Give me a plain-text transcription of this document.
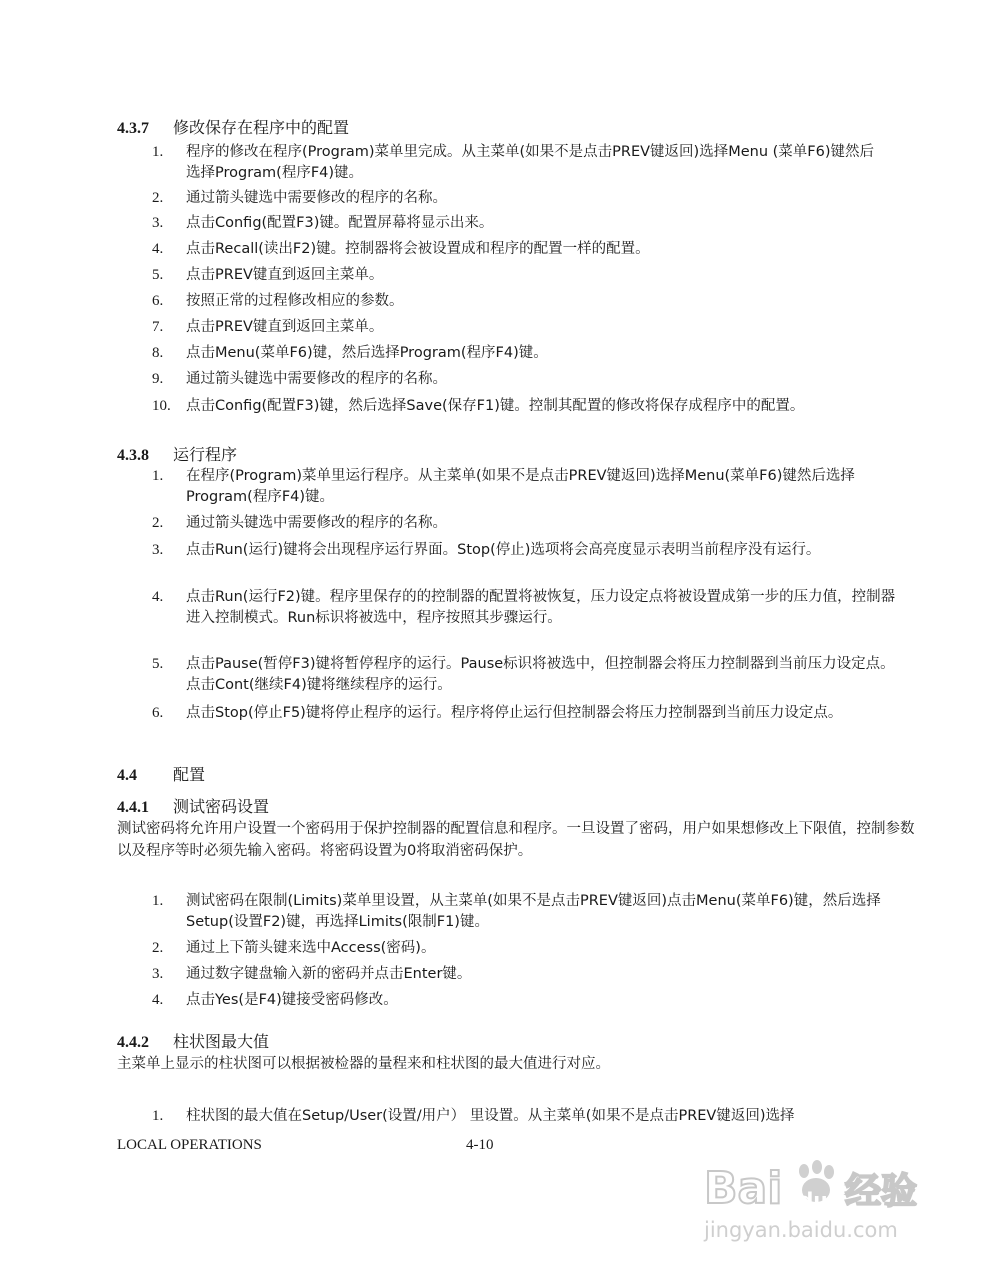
4.3.7 修改保存在程序中的配置
1. 程序的修改在程序(Program)菜单里完成。从主菜单(如果不是点击PREV键返回)选择Menu (菜单F6)键然后选择Program(程序F4)键。
2. 通过箭头键选中需要修改的程序的名称。
3. 点击Config(配置F3)键。配置屏幕将显示出来。
4. 点击Recall(读出F2)键。控制器将会被设置成和程序的配置一样的配置。
5. 点击PREV键直到返回主菜单。
6. 按照正常的过程修改相应的参数。
7. 点击PREV键直到返回主菜单。
8. 点击Menu(菜单F6)键，然后选择Program(程序F4)键。
9. 通过箭头键选中需要修改的程序的名称。
10. 点击Config(配置F3)键，然后选择Save(保存F1)键。控制其配置的修改将保存成程序中的配置。
4.3.8 运行程序
1. 在程序(Program)菜单里运行程序。从主菜单(如果不是点击PREV键返回)选择Menu(菜单F6)键然后选择Program(程序F4)键。
2. 通过箭头键选中需要修改的程序的名称。
3. 点击Run(运行)键将会出现程序运行界面。Stop(停止)选项将会高亮度显示表明当前程序没有运行。
4. 点击Run(运行F2)键。程序里保存的的控制器的配置将被恢复，压力设定点将被设置成第一步的压力值，控制器进入控制模式。Run标识将被选中，程序按照其步骤运行。
5. 点击Pause(暂停F3)键将暂停程序的运行。Pause标识将被选中，但控制器会将压力控制器到当前压力设定点。点击Cont(继续F4)键将继续程序的运行。
6. 点击Stop(停止F5)键将停止程序的运行。程序将停止运行但控制器会将压力控制器到当前压力设定点。
4.4 配置
4.4.1 测试密码设置
测试密码将允许用户设置一个密码用于保护控制器的配置信息和程序。一旦设置了密码，用户如果想修改上下限值，控制参数以及程序等时必须先输入密码。将密码设置为0将取消密码保护。
1. 测试密码在限制(Limits)菜单里设置，从主菜单(如果不是点击PREV键返回)点击Menu(菜单F6)键，然后选择Setup(设置F2)键，再选择Limits(限制F1)键。
2. 通过上下箭头键来选中Access(密码)。
3. 通过数字键盘输入新的密码并点击Enter键。
4. 点击Yes(是F4)键接受密码修改。
4.4.2 柱状图最大值
主菜单上显示的柱状图可以根据被检器的量程来和柱状图的最大值进行对应。
1. 柱状图的最大值在Setup/User(设置/用户） 里设置。从主菜单(如果不是点击PREV键返回)选择
LOCAL OPERATIONS	4-10
Bai du 经验
jingyan.baidu.com
